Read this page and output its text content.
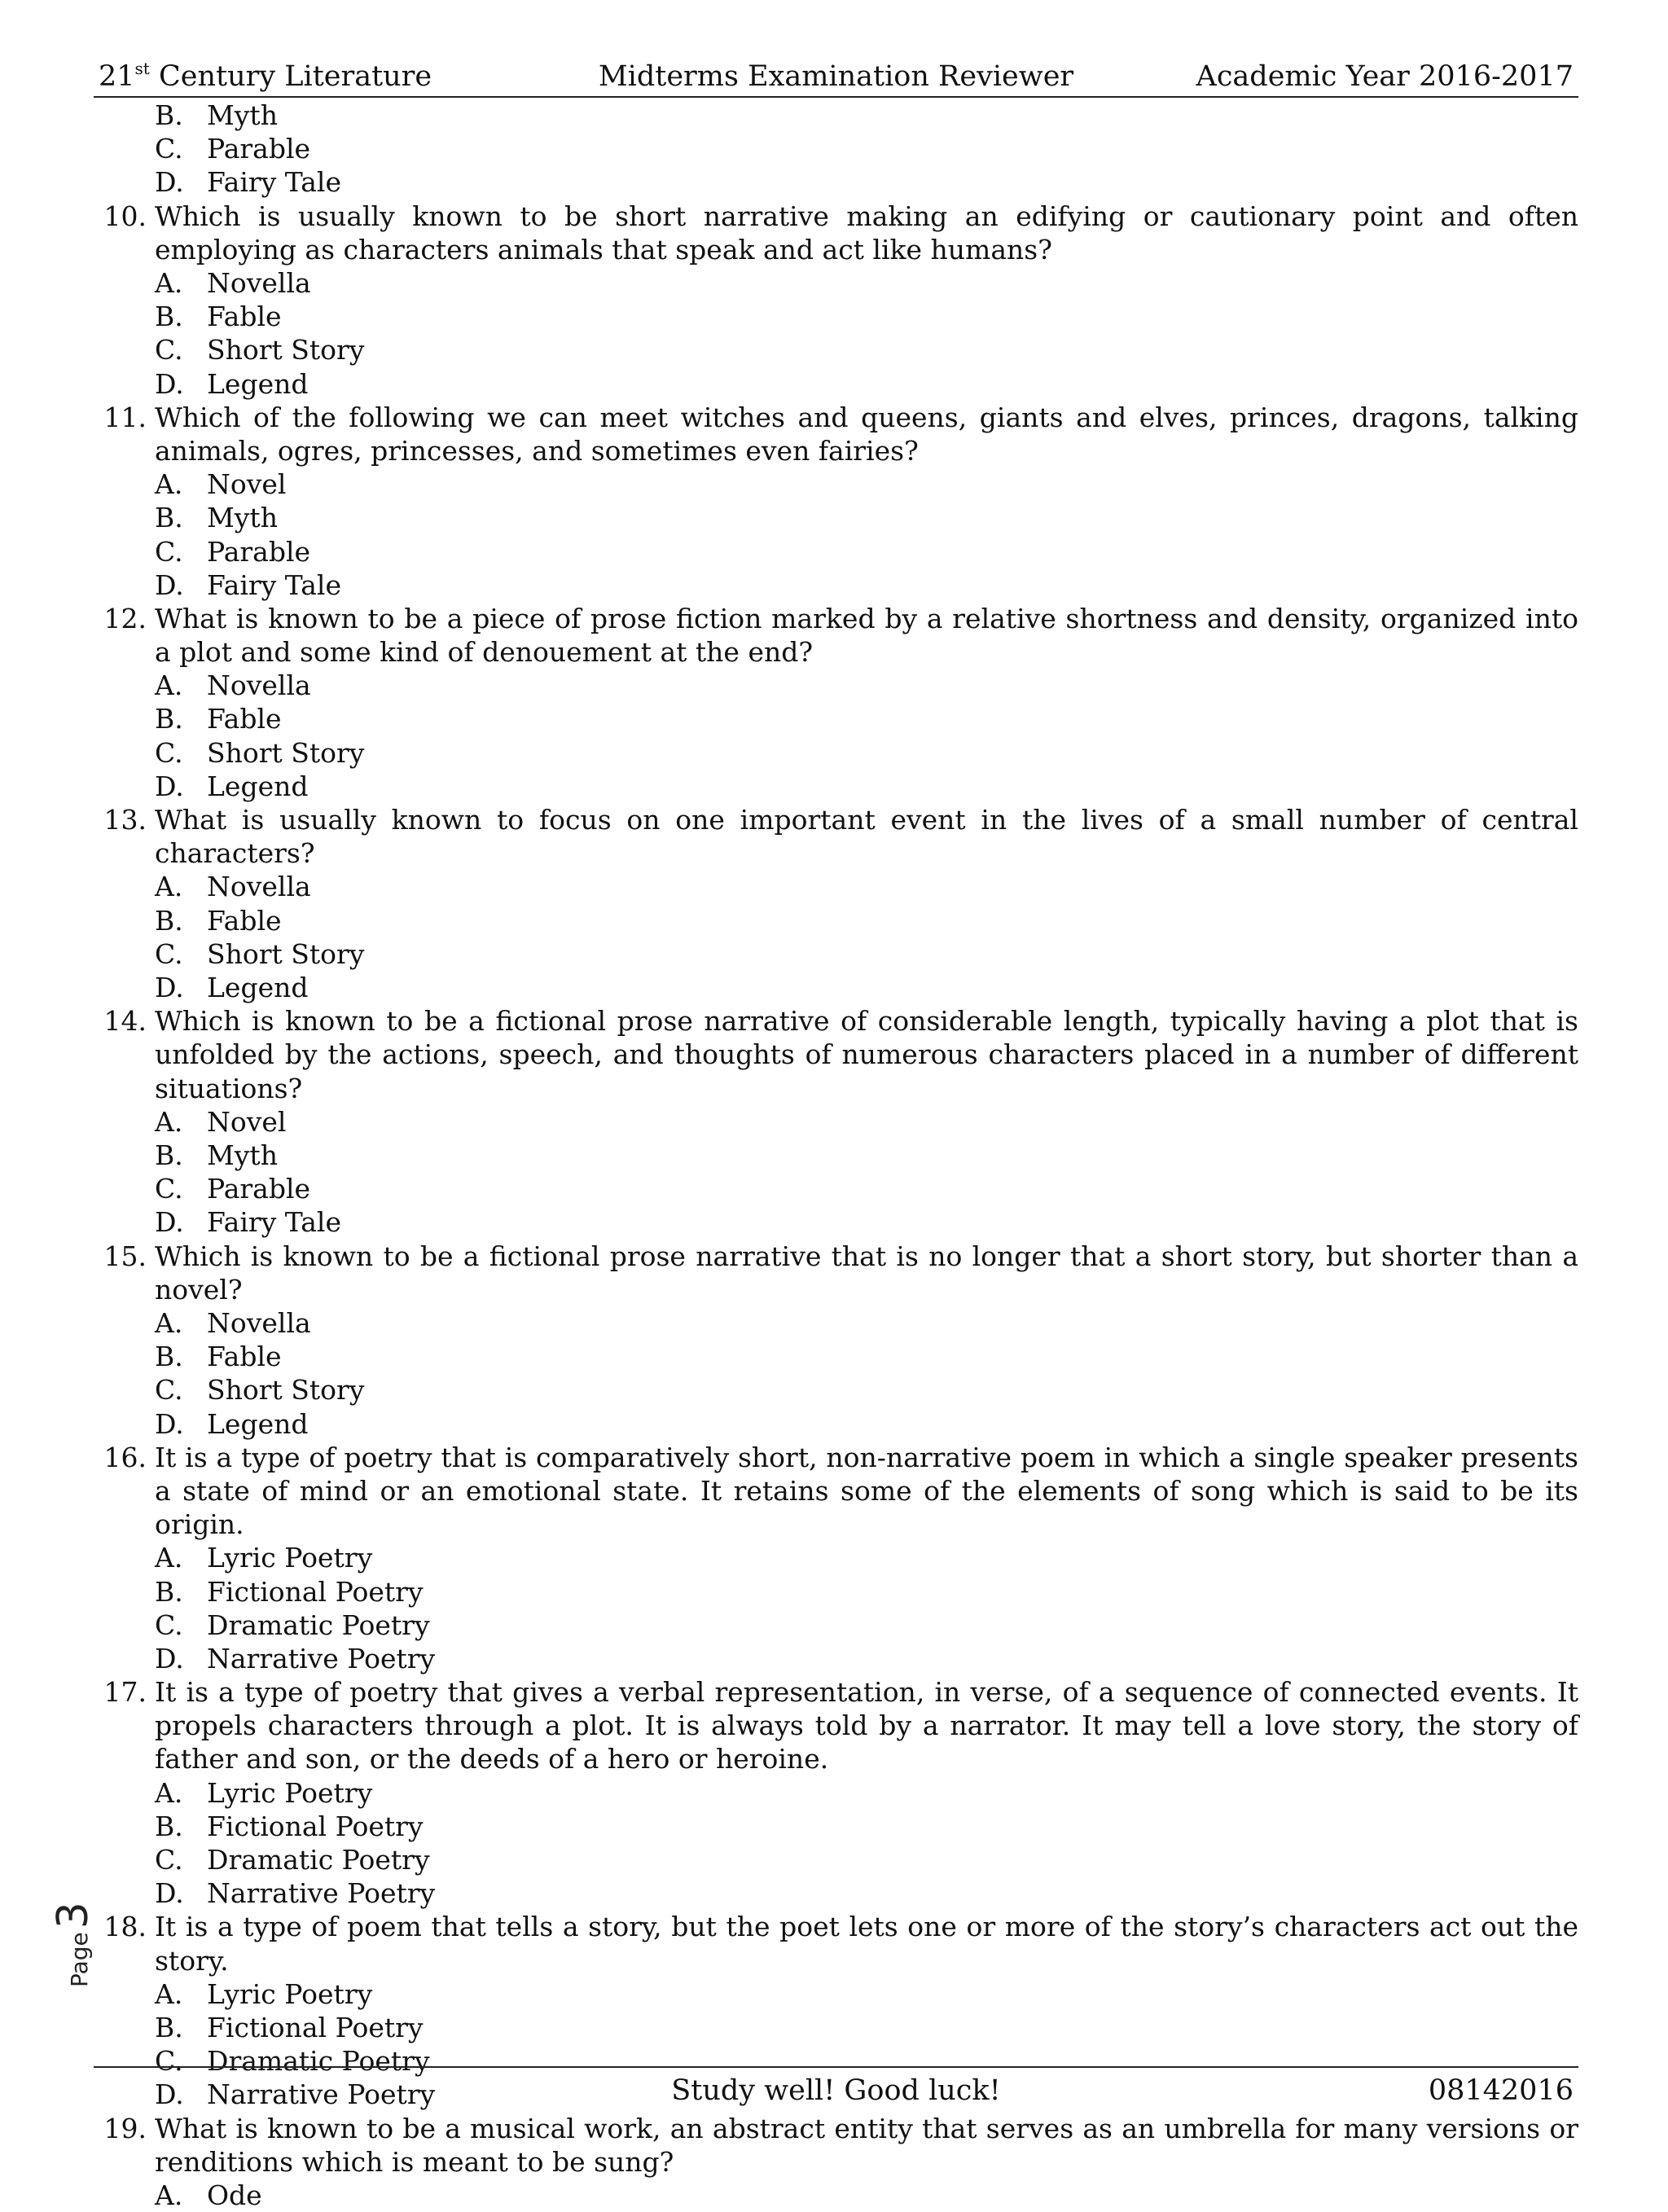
21st Century Literature	Midterms Examination Reviewer	Academic Year 2016-2017
B. Myth
C. Parable
D. Fairy Tale
10. Which is usually known to be short narrative making an edifying or cautionary point and often employing as characters animals that speak and act like humans?
A. Novella
B. Fable
C. Short Story
D. Legend
11. Which of the following we can meet witches and queens, giants and elves, princes, dragons, talking animals, ogres, princesses, and sometimes even fairies?
A. Novel
B. Myth
C. Parable
D. Fairy Tale
12. What is known to be a piece of prose fiction marked by a relative shortness and density, organized into a plot and some kind of denouement at the end?
A. Novella
B. Fable
C. Short Story
D. Legend
13. What is usually known to focus on one important event in the lives of a small number of central characters?
A. Novella
B. Fable
C. Short Story
D. Legend
14. Which is known to be a fictional prose narrative of considerable length, typically having a plot that is unfolded by the actions, speech, and thoughts of numerous characters placed in a number of different situations?
A. Novel
B. Myth
C. Parable
D. Fairy Tale
15. Which is known to be a fictional prose narrative that is no longer that a short story, but shorter than a novel?
A. Novella
B. Fable
C. Short Story
D. Legend
16. It is a type of poetry that is comparatively short, non-narrative poem in which a single speaker presents a state of mind or an emotional state. It retains some of the elements of song which is said to be its origin.
A. Lyric Poetry
B. Fictional Poetry
C. Dramatic Poetry
D. Narrative Poetry
17. It is a type of poetry that gives a verbal representation, in verse, of a sequence of connected events. It propels characters through a plot. It is always told by a narrator. It may tell a love story, the story of father and son, or the deeds of a hero or heroine.
A. Lyric Poetry
B. Fictional Poetry
C. Dramatic Poetry
D. Narrative Poetry
18. It is a type of poem that tells a story, but the poet lets one or more of the story’s characters act out the story.
A. Lyric Poetry
B. Fictional Poetry
C. Dramatic Poetry
D. Narrative Poetry
19. What is known to be a musical work, an abstract entity that serves as an umbrella for many versions or renditions which is meant to be sung?
A. Ode
Page3
Study well! Good luck!	08142016
